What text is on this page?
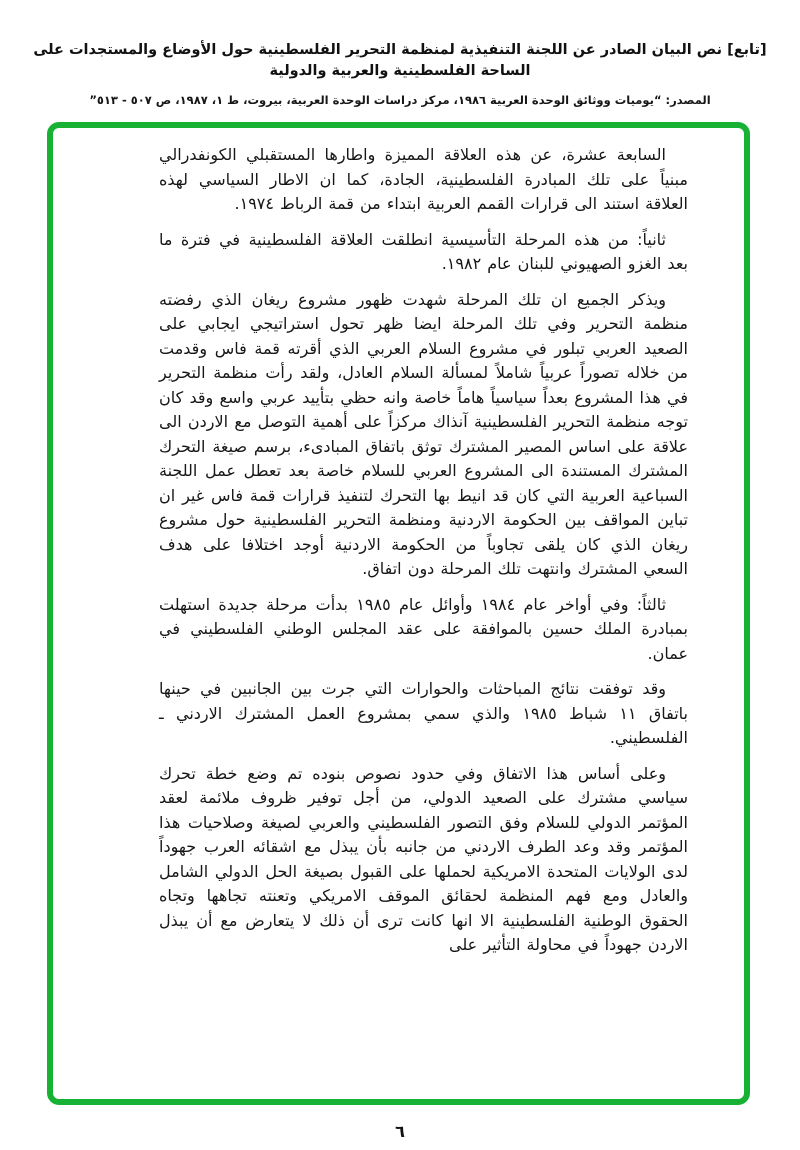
[تابع] نص البيان الصادر عن اللجنة التنفيذية لمنظمة التحرير الفلسطينية حول الأوضاع والمستجدات على الساحة الفلسطينية والعربية والدولية
المصدر: “يوميات ووثائق الوحدة العربية ١٩٨٦، مركز دراسات الوحدة العربية، بيروت، ط ١، ١٩٨٧، ص ٥٠٧ - ٥١٣”

السابعة عشرة، عن هذه العلاقة المميزة واطارها المستقبلي الكونفدرالي مبنياً على تلك المبادرة الفلسطينية، الجادة، كما ان الاطار السياسي لهذه العلاقة استند الى قرارات القمم العربية ابتداء من قمة الرباط ١٩٧٤.

ثانياً: من هذه المرحلة التأسيسية انطلقت العلاقة الفلسطينية في فترة ما بعد الغزو الصهيوني للبنان عام ١٩٨٢.

ويذكر الجميع ان تلك المرحلة شهدت ظهور مشروع ريغان الذي رفضته منظمة التحرير وفي تلك المرحلة ايضا ظهر تحول استراتيجي ايجابي على الصعيد العربي تبلور في مشروع السلام العربي الذي أقرته قمة فاس وقدمت من خلاله تصوراً عربياً شاملاً لمسألة السلام العادل، ولقد رأت منظمة التحرير في هذا المشروع بعداً سياسياً هاماً خاصة وانه حظي بتأييد عربي واسع وقد كان توجه منظمة التحرير الفلسطينية آنذاك مركزاً على أهمية التوصل مع الاردن الى علاقة على اساس المصير المشترك توثق باتفاق المبادىء، برسم صيغة التحرك المشترك المستندة الى المشروع العربي للسلام خاصة بعد تعطل عمل اللجنة السباعية العربية التي كان قد انيط بها التحرك لتنفيذ قرارات قمة فاس غير ان تباين المواقف بين الحكومة الاردنية ومنظمة التحرير الفلسطينية حول مشروع ريغان الذي كان يلقى تجاوباً من الحكومة الاردنية أوجد اختلافا على هدف السعي المشترك وانتهت تلك المرحلة دون اتفاق.

ثالثاً: وفي أواخر عام ١٩٨٤ وأوائل عام ١٩٨٥ بدأت مرحلة جديدة استهلت بمبادرة الملك حسين بالموافقة على عقد المجلس الوطني الفلسطيني في عمان.

وقد توفقت نتائج المباحثات والحوارات التي جرت بين الجانبين في حينها باتفاق ١١ شباط ١٩٨٥ والذي سمي بمشروع العمل المشترك الاردني ـ الفلسطيني.

وعلى أساس هذا الاتفاق وفي حدود نصوص بنوده تم وضع خطة تحرك سياسي مشترك على الصعيد الدولي، من أجل توفير ظروف ملائمة لعقد المؤتمر الدولي للسلام وفق التصور الفلسطيني والعربي لصيغة وصلاحيات هذا المؤتمر وقد وعد الطرف الاردني من جانبه بأن يبذل مع اشقائه العرب جهوداً لدى الولايات المتحدة الامريكية لحملها على القبول بصيغة الحل الدولي الشامل والعادل ومع فهم المنظمة لحقائق الموقف الامريكي وتعنته تجاهها وتجاه الحقوق الوطنية الفلسطينية الا انها كانت ترى أن ذلك لا يتعارض مع أن يبذل الاردن جهوداً في محاولة التأثير على

٦
